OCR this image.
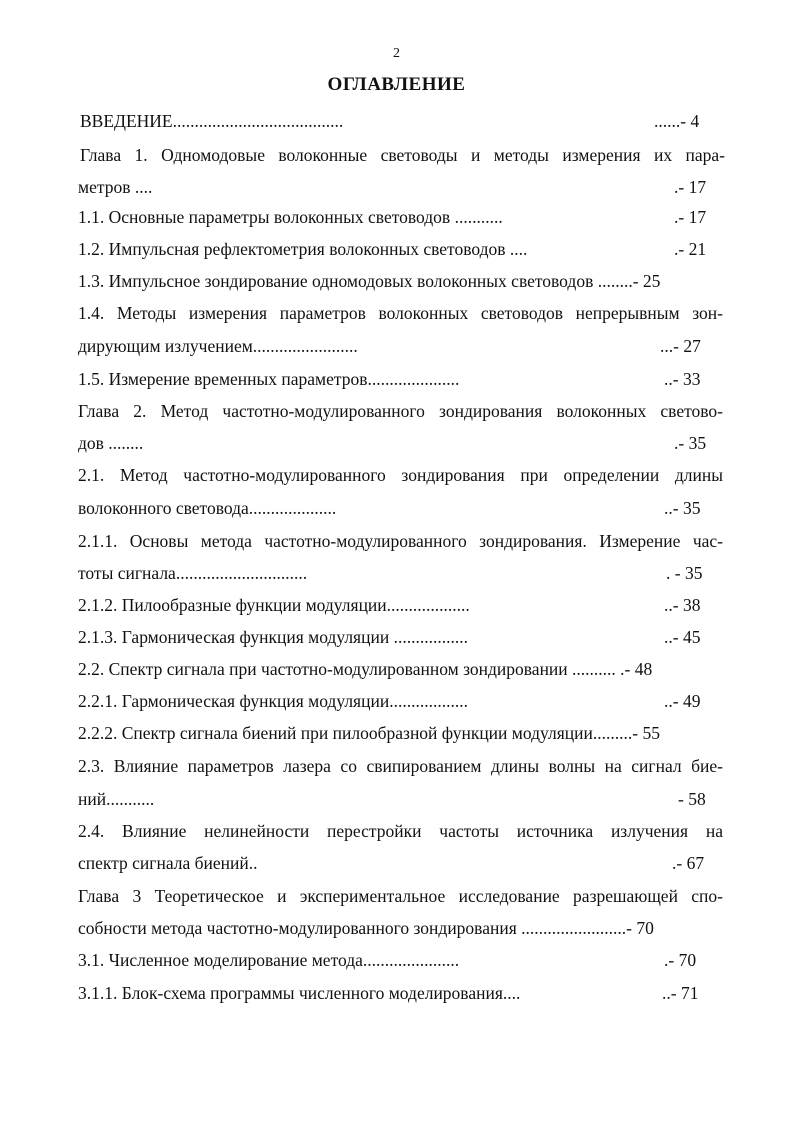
2
ОГЛАВЛЕНИЕ
ВВЕДЕНИЕ.......................................	......- 4
Глава 1. Одномодовые волоконные световоды и методы измерения их пара-
метров ....	.- 17
1.1. Основные параметры волоконных световодов ...........	.- 17
1.2. Импульсная рефлектометрия волоконных световодов ....	.- 21
1.3. Импульсное зондирование одномодовых волоконных световодов ........- 25
1.4. Методы измерения параметров волоконных световодов непрерывным зон-
дирующим излучением........................	...- 27
1.5. Измерение временных параметров.....................	..- 33
Глава 2. Метод частотно-модулированного зондирования волоконных светово-
дов ........	.- 35
2.1. Метод частотно-модулированного зондирования при определении длины
волоконного световода....................	..- 35
2.1.1. Основы метода частотно-модулированного зондирования. Измерение час-
тоты сигнала..............................	. - 35
2.1.2. Пилообразные функции модуляции...................	..- 38
2.1.3. Гармоническая функция модуляции .................	..- 45
2.2. Спектр сигнала при частотно-модулированном зондировании .......... .- 48
2.2.1. Гармоническая функция модуляции..................	..- 49
2.2.2. Спектр сигнала биений при пилообразной функции модуляции.........- 55
2.3. Влияние параметров лазера со свипированием длины волны на сигнал бие-
ний...........	- 58
2.4. Влияние нелинейности перестройки частоты источника излучения на
спектр сигнала биений..	.- 67
Глава 3 Теоретическое и экспериментальное исследование разрешающей спо-
собности метода частотно-модулированного зондирования ........................- 70
3.1. Численное моделирование метода......................	.- 70
3.1.1. Блок-схема программы численного моделирования....	..- 71
